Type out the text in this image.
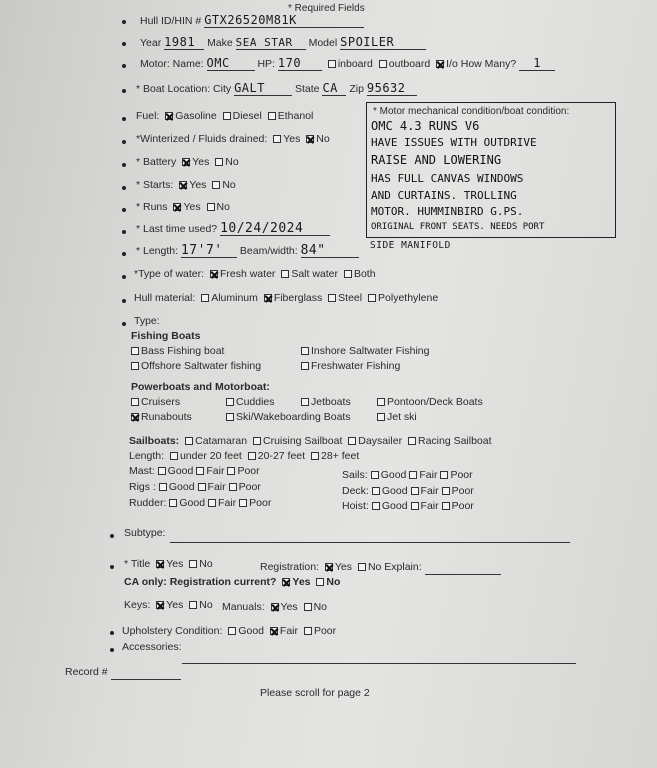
* Required Fields
Hull ID/HIN # GTX26520M81K
Year 1981 Make SEA STAR Model SPOILER
Motor: Name: OMC	HP: 170	inboard outboard I/o How Many? 1
* Boat Location: City GALT	State CA Zip 95632
Fuel: Gasoline Diesel Ethanol
*Winterized / Fluids drained: Yes No
* Battery Yes No
* Starts: Yes No
* Runs Yes No
* Last time used? 10/24/2024
* Length: 17'7' Beam/width: 84"
* Motor mechanical condition/boat condition:
OMC 4.3 RUNS V6
HAVE ISSUES WITH OUTDRIVE
RAISE AND LOWERING
HAS FULL CANVAS WINDOWS
AND CURTAINS. TROLLING
MOTOR. HUMMINBIRD G.PS.
ORIGINAL FRONT SEATS. NEEDS PORT
SIDE MANIFOLD
*Type of water: Fresh water Salt water Both
Hull material: Aluminum Fiberglass Steel Polyethylene
Type:
Fishing Boats
Bass Fishing boat	Inshore Saltwater Fishing
Offshore Saltwater fishing	Freshwater Fishing
Powerboats and Motorboat:
Cruisers	Cuddies	Jetboats	Pontoon/Deck Boats
Runabouts	Ski/Wakeboarding Boats	Jet ski
Sailboats: Catamaran Cruising Sailboat Daysailer Racing Sailboat
Length: under 20 feet 20-27 feet 28+ feet
Mast: Good Fair Poor
Rigs : Good Fair Poor
Rudder: Good Fair Poor
Sails: Good Fair Poor
Deck: Good Fair Poor
Hoist: Good Fair Poor
Subtype:
* Title Yes No	Registration: Yes No Explain:
CA only: Registration current? Yes No
Keys: Yes No Manuals: Yes No
Upholstery Condition: Good Fair Poor
Accessories:
Record #
Please scroll for page 2
